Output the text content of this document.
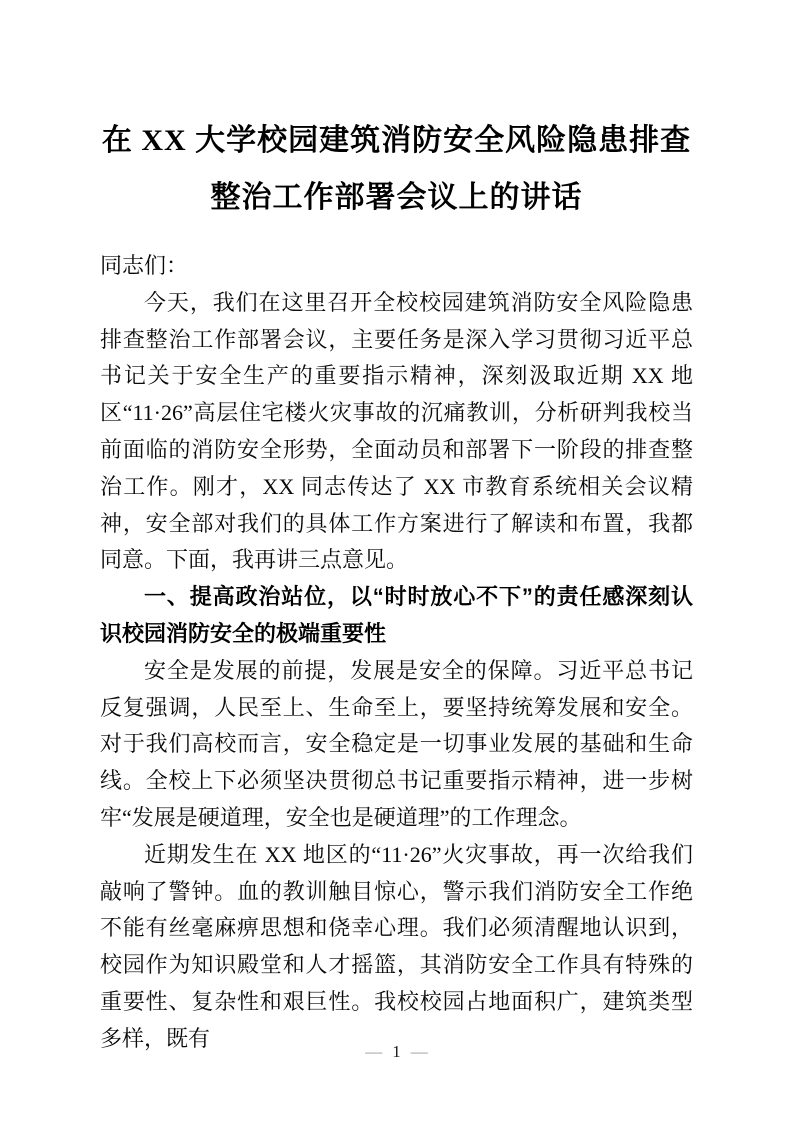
在 XX 大学校园建筑消防安全风险隐患排查整治工作部署会议上的讲话

同志们：

今天，我们在这里召开全校校园建筑消防安全风险隐患排查整治工作部署会议，主要任务是深入学习贯彻习近平总书记关于安全生产的重要指示精神，深刻汲取近期 XX 地区“11·26”高层住宅楼火灾事故的沉痛教训，分析研判我校当前面临的消防安全形势，全面动员和部署下一阶段的排查整治工作。刚才，XX 同志传达了 XX 市教育系统相关会议精神，安全部对我们的具体工作方案进行了解读和布置，我都同意。下面，我再讲三点意见。

一、提高政治站位，以“时时放心不下”的责任感深刻认识校园消防安全的极端重要性

安全是发展的前提，发展是安全的保障。习近平总书记反复强调，人民至上、生命至上，要坚持统筹发展和安全。对于我们高校而言，安全稳定是一切事业发展的基础和生命线。全校上下必须坚决贯彻总书记重要指示精神，进一步树牢“发展是硬道理，安全也是硬道理”的工作理念。

近期发生在 XX 地区的“11·26”火灾事故，再一次给我们敲响了警钟。血的教训触目惊心，警示我们消防安全工作绝不能有丝毫麻痹思想和侥幸心理。我们必须清醒地认识到，校园作为知识殿堂和人才摇篮，其消防安全工作具有特殊的重要性、复杂性和艰巨性。我校校园占地面积广，建筑类型多样，既有

— 1 —
